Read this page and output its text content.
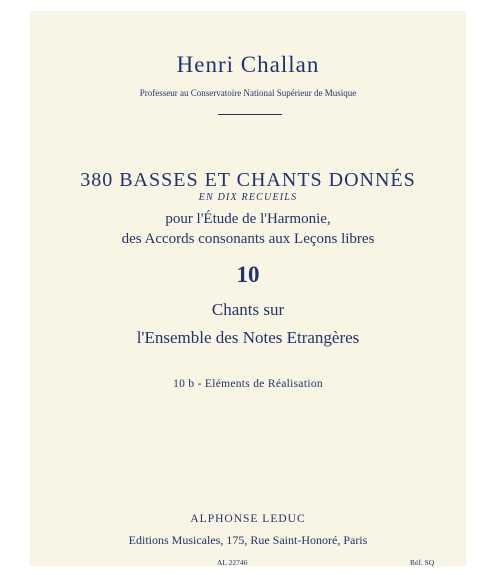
Henri Challan
Professeur au Conservatoire National Supérieur de Musique
380 BASSES ET CHANTS DONNÉS
EN DIX RECUEILS
pour l'Étude de l'Harmonie,
des Accords consonants aux Leçons libres
10
Chants sur
l'Ensemble des Notes Etrangères
10 b - Eléments de Réalisation
ALPHONSE LEDUC
Editions Musicales, 175, Rue Saint-Honoré, Paris
AL 22746	Réf. SQ
